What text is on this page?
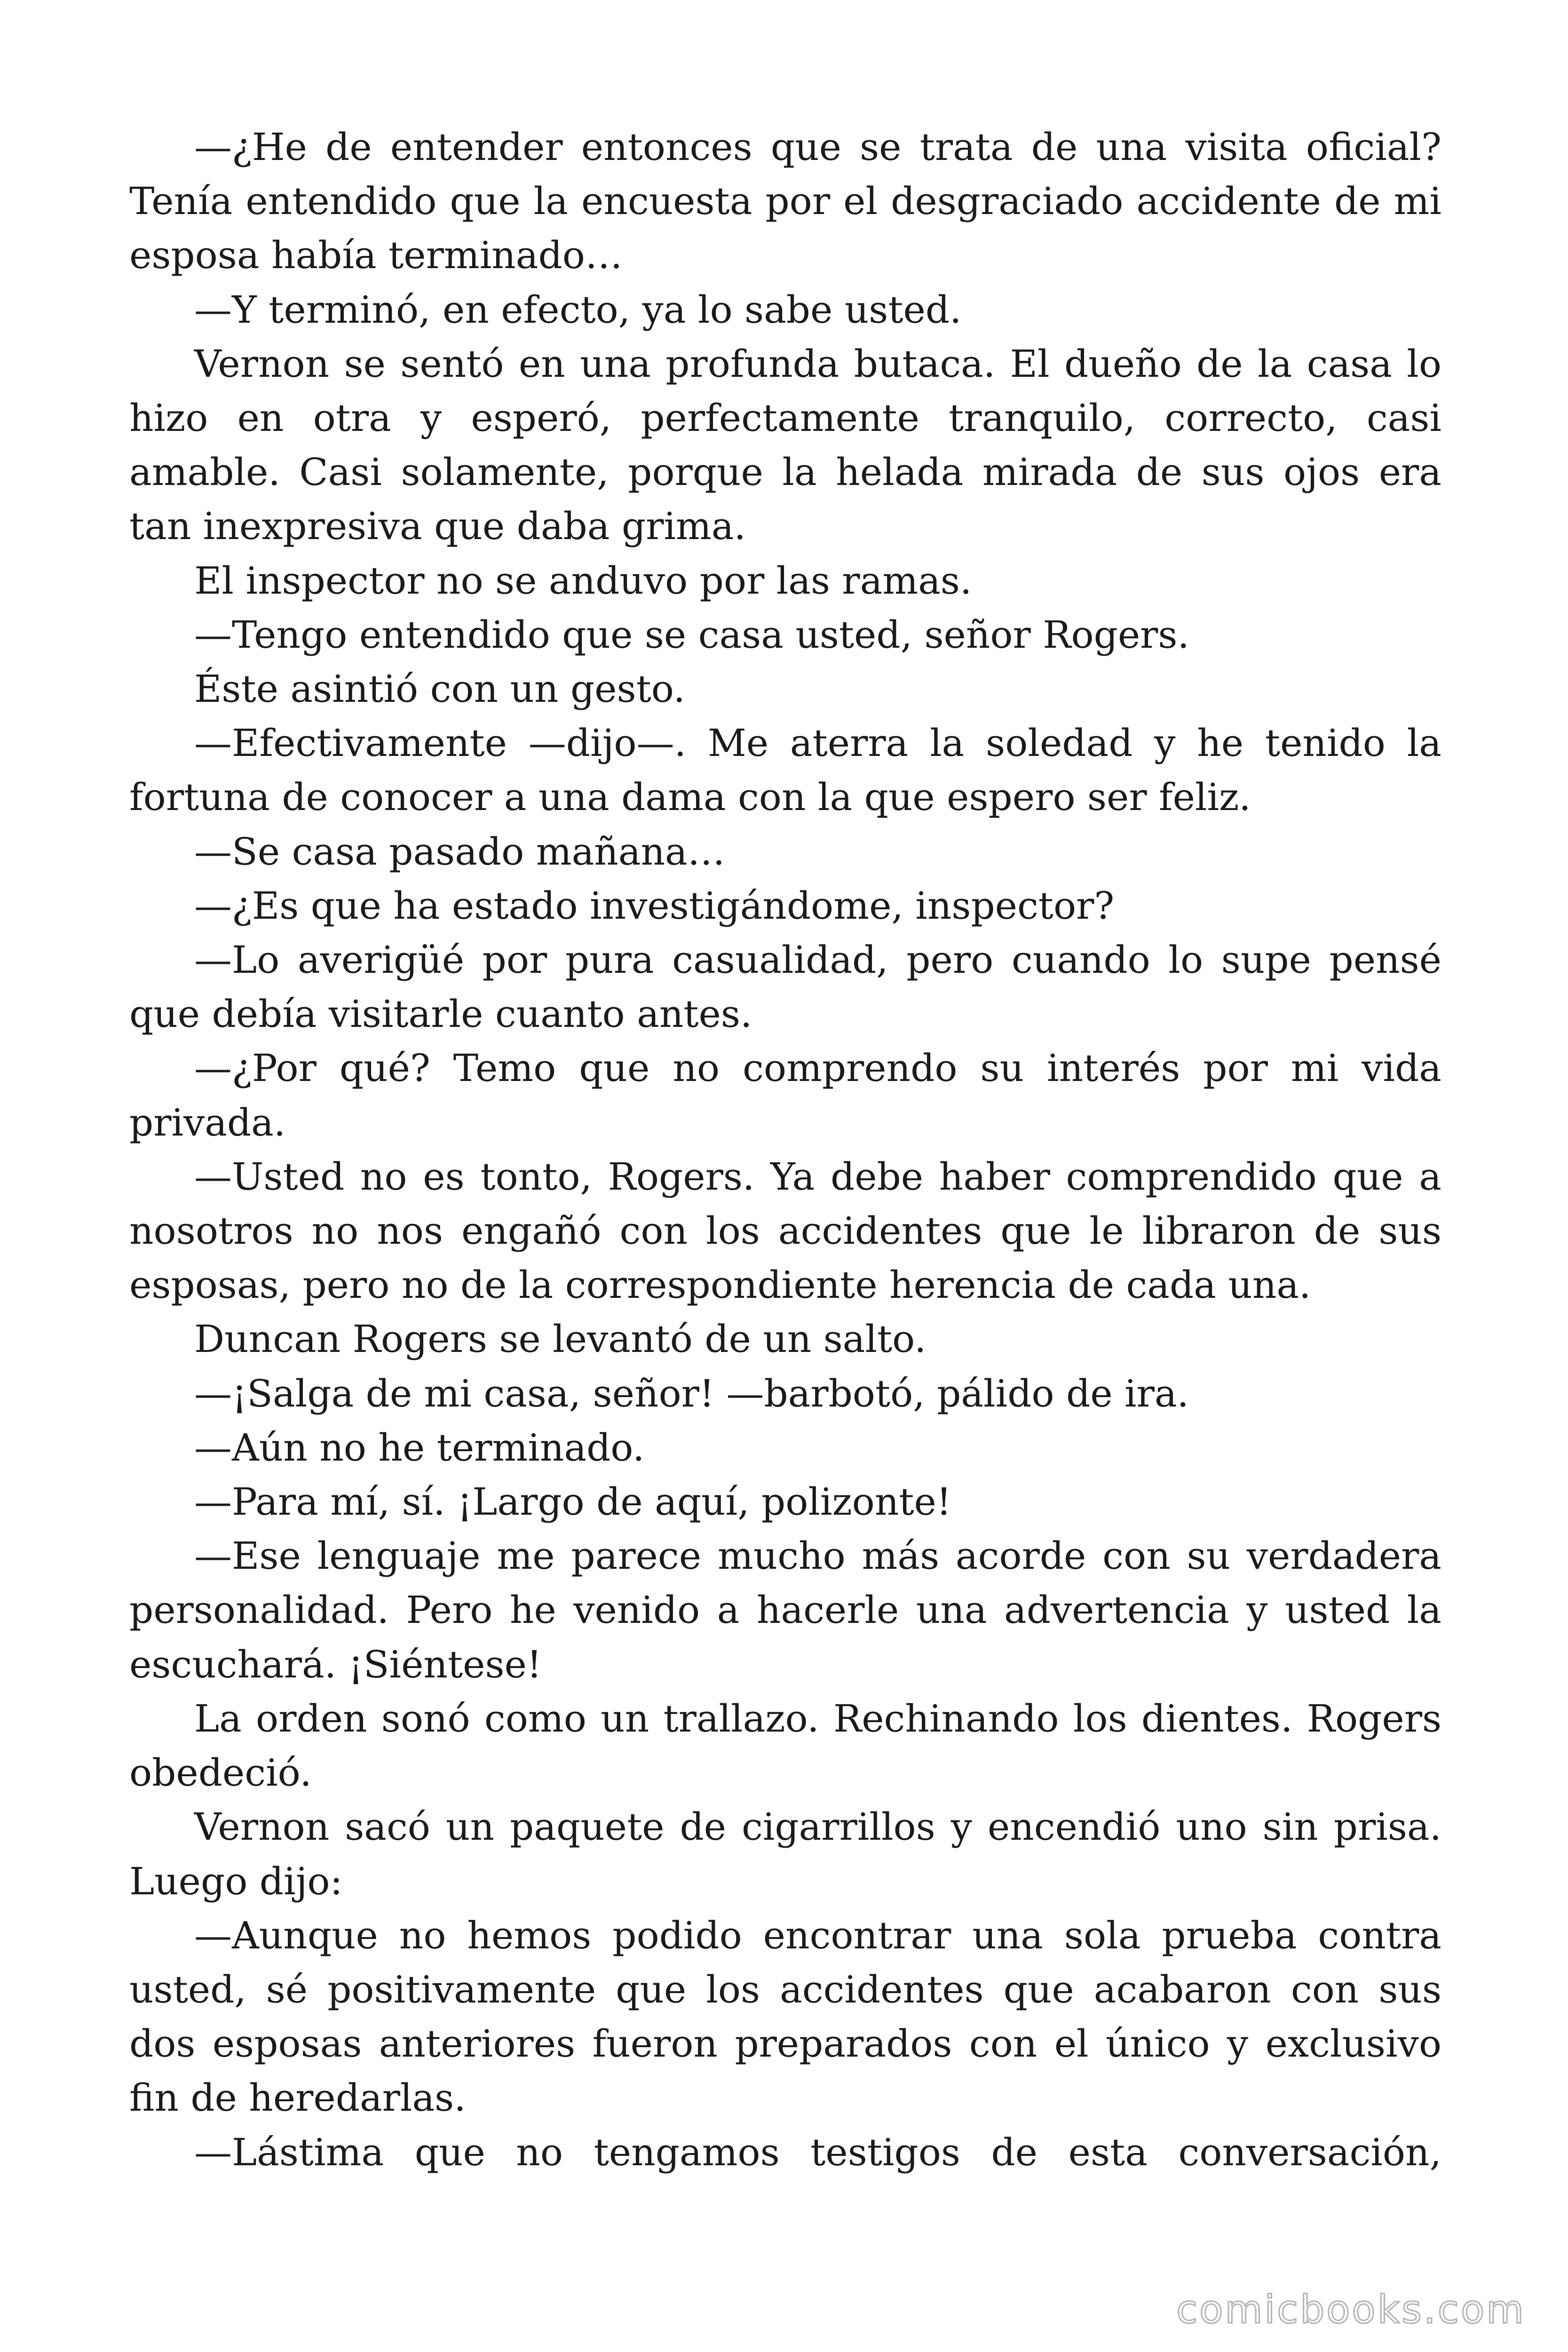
—¿He de entender entonces que se trata de una visita oficial? Tenía entendido que la encuesta por el desgraciado accidente de mi esposa había terminado…

—Y terminó, en efecto, ya lo sabe usted.

Vernon se sentó en una profunda butaca. El dueño de la casa lo hizo en otra y esperó, perfectamente tranquilo, correcto, casi amable. Casi solamente, porque la helada mirada de sus ojos era tan inexpresiva que daba grima.

El inspector no se anduvo por las ramas.

—Tengo entendido que se casa usted, señor Rogers.

Éste asintió con un gesto.

—Efectivamente —dijo—. Me aterra la soledad y he tenido la fortuna de conocer a una dama con la que espero ser feliz.

—Se casa pasado mañana…

—¿Es que ha estado investigándome, inspector?

—Lo averigüé por pura casualidad, pero cuando lo supe pensé que debía visitarle cuanto antes.

—¿Por qué? Temo que no comprendo su interés por mi vida privada.

—Usted no es tonto, Rogers. Ya debe haber comprendido que a nosotros no nos engañó con los accidentes que le libraron de sus esposas, pero no de la correspondiente herencia de cada una.

Duncan Rogers se levantó de un salto.

—¡Salga de mi casa, señor! —barbotó, pálido de ira.

—Aún no he terminado.

—Para mí, sí. ¡Largo de aquí, polizonte!

—Ese lenguaje me parece mucho más acorde con su verdadera personalidad. Pero he venido a hacerle una advertencia y usted la escuchará. ¡Siéntese!

La orden sonó como un trallazo. Rechinando los dientes. Rogers obedeció.

Vernon sacó un paquete de cigarrillos y encendió uno sin prisa. Luego dijo:

—Aunque no hemos podido encontrar una sola prueba contra usted, sé positivamente que los accidentes que acabaron con sus dos esposas anteriores fueron preparados con el único y exclusivo fin de heredarlas.

—Lástima que no tengamos testigos de esta conversación,

comicbooks.com
